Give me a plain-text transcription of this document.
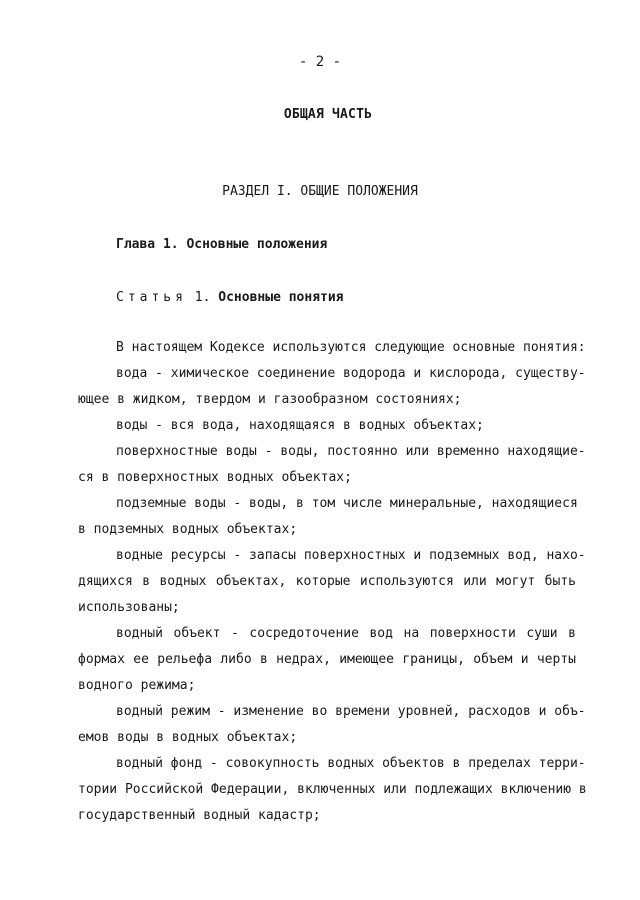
- 2 -
ОБЩАЯ ЧАСТЬ
РАЗДЕЛ I. ОБЩИЕ ПОЛОЖЕНИЯ
Глава 1. Основные положения
Статья 1. Основные понятия
В настоящем Кодексе используются следующие основные понятия:
вода - химическое соединение водорода и кислорода, существу-
ющее в жидком, твердом и газообразном состояниях;
воды - вся вода, находящаяся в водных объектах;
поверхностные воды - воды, постоянно или временно находящие-
ся в поверхностных водных объектах;
подземные воды - воды, в том числе минеральные, находящиеся
в подземных водных объектах;
водные ресурсы - запасы поверхностных и подземных вод, нахо-
дящихся в водных объектах, которые используются или могут быть
использованы;
водный объект - сосредоточение вод на поверхности суши в
формах ее рельефа либо в недрах, имеющее границы, объем и черты
водного режима;
водный режим - изменение во времени уровней, расходов и объ-
емов воды в водных объектах;
водный фонд - совокупность водных объектов в пределах терри-
тории Российской Федерации, включенных или подлежащих включению в
государственный водный кадастр;
